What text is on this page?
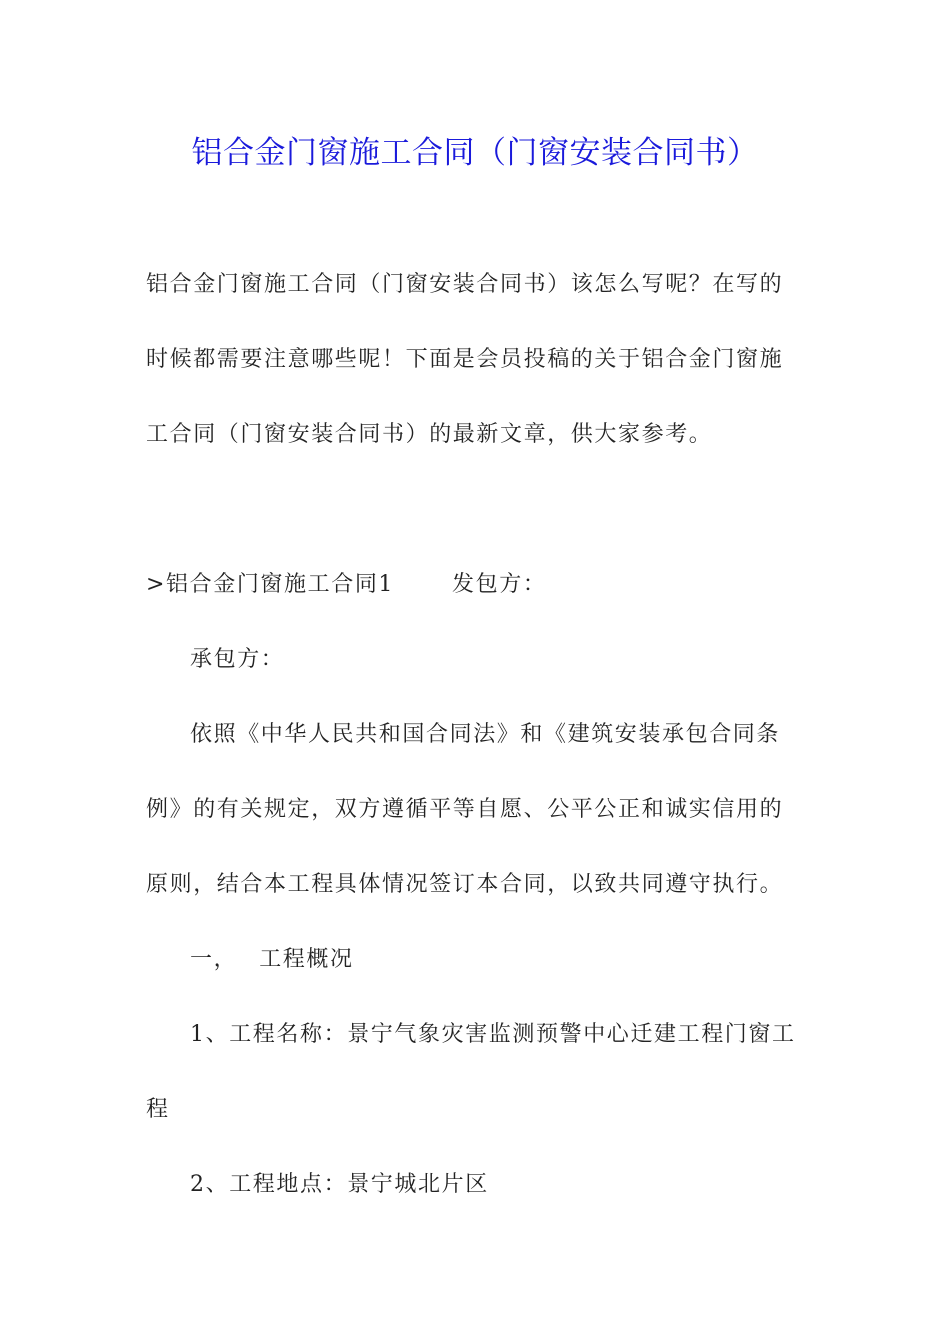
铝合金门窗施工合同（门窗安装合同书）
铝合金门窗施工合同（门窗安装合同书）该怎么写呢？在写的
时候都需要注意哪些呢！下面是会员投稿的关于铝合金门窗施
工合同（门窗安装合同书）的最新文章，供大家参考。
>铝合金门窗施工合同1	发包方：
承包方：
依照《中华人民共和国合同法》和《建筑安装承包合同条
例》的有关规定，双方遵循平等自愿、公平公正和诚实信用的
原则，结合本工程具体情况签订本合同，以致共同遵守执行。
一， 工程概况
1、工程名称：景宁气象灾害监测预警中心迁建工程门窗工
程
2、工程地点：景宁城北片区
